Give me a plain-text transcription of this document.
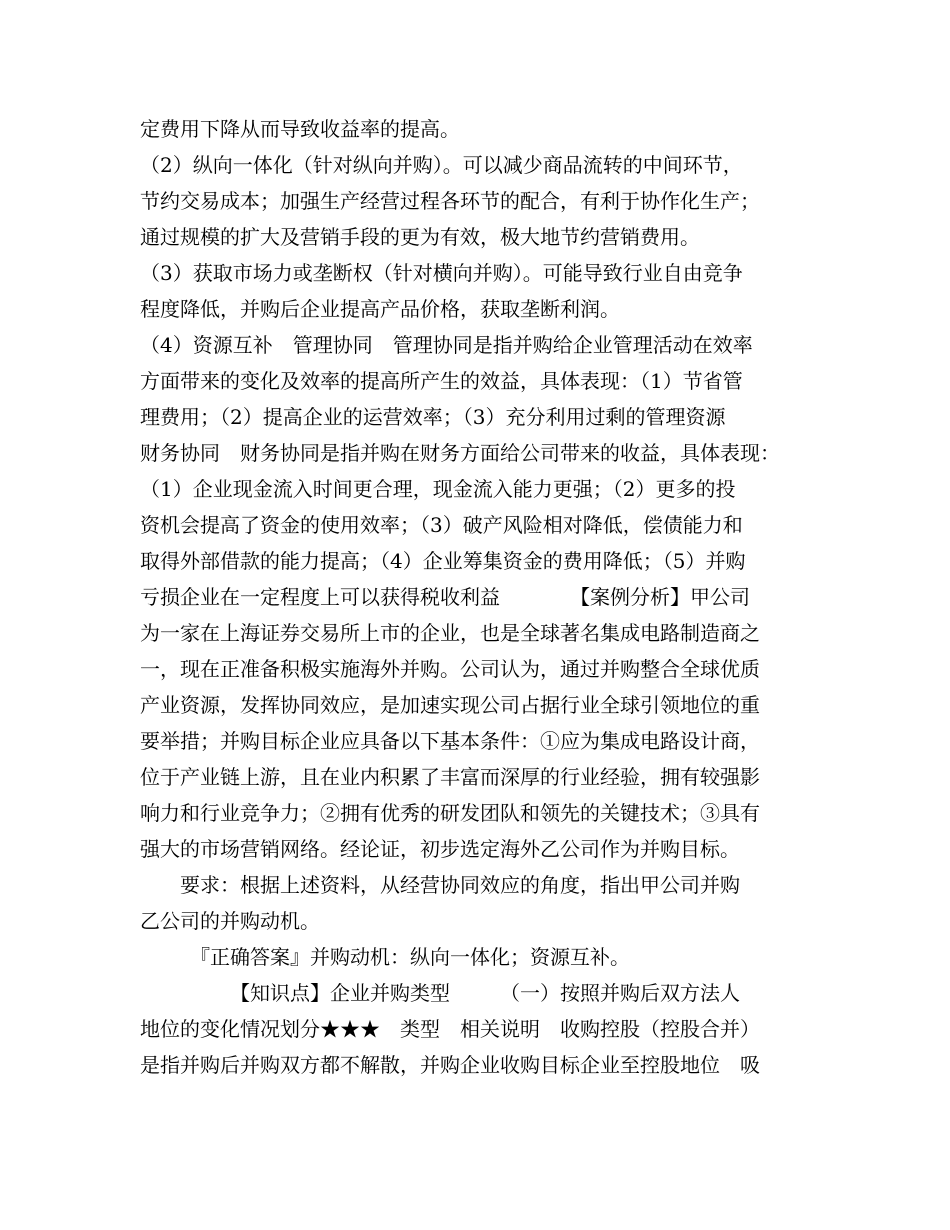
定费用下降从而导致收益率的提高。
（2）纵向一体化（针对纵向并购）。可以减少商品流转的中间环节，
节约交易成本；加强生产经营过程各环节的配合，有利于协作化生产；
通过规模的扩大及营销手段的更为有效，极大地节约营销费用。
（3）获取市场力或垄断权（针对横向并购）。可能导致行业自由竞争
程度降低，并购后企业提高产品价格，获取垄断利润。
（4）资源互补　管理协同　管理协同是指并购给企业管理活动在效率
方面带来的变化及效率的提高所产生的效益，具体表现：（1）节省管
理费用；（2）提高企业的运营效率；（3）充分利用过剩的管理资源
财务协同　财务协同是指并购在财务方面给公司带来的收益，具体表现：
（1）企业现金流入时间更合理，现金流入能力更强；（2）更多的投
资机会提高了资金的使用效率；（3）破产风险相对降低，偿债能力和
取得外部借款的能力提高；（4）企业筹集资金的费用降低；（5）并购
亏损企业在一定程度上可以获得税收利益　　　　【案例分析】甲公司
为一家在上海证券交易所上市的企业，也是全球著名集成电路制造商之
一，现在正准备积极实施海外并购。公司认为，通过并购整合全球优质
产业资源，发挥协同效应，是加速实现公司占据行业全球引领地位的重
要举措；并购目标企业应具备以下基本条件：①应为集成电路设计商，
位于产业链上游，且在业内积累了丰富而深厚的行业经验，拥有较强影
响力和行业竞争力；②拥有优秀的研发团队和领先的关键技术；③具有
强大的市场营销网络。经论证，初步选定海外乙公司作为并购目标。
　　要求：根据上述资料，从经营协同效应的角度，指出甲公司并购
乙公司的并购动机。
　　　『正确答案』并购动机：纵向一体化；资源互补。
　　　　　【知识点】企业并购类型　　　（一）按照并购后双方法人
地位的变化情况划分★★★　类型　相关说明　收购控股（控股合并）
是指并购后并购双方都不解散，并购企业收购目标企业至控股地位　吸
